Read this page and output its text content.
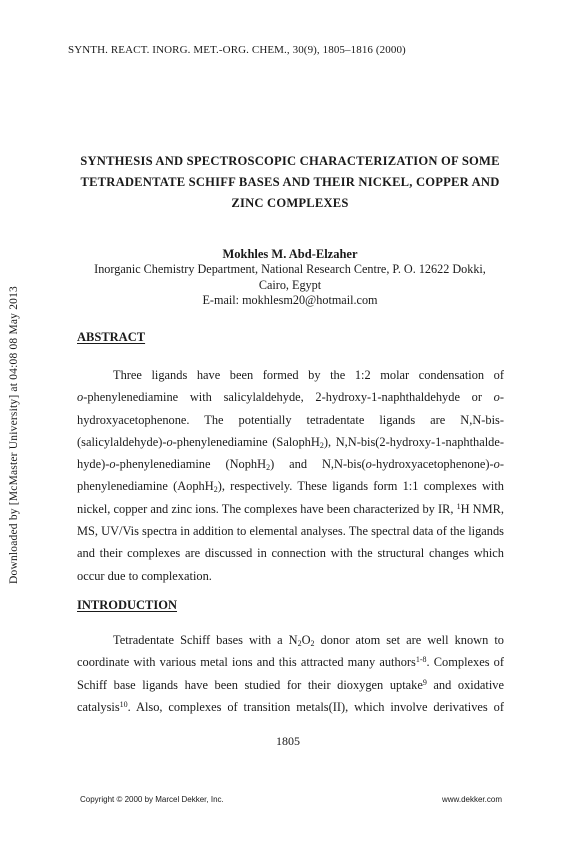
Downloaded by [McMaster University] at 04:08 08 May 2013
SYNTH. REACT. INORG. MET.-ORG. CHEM., 30(9), 1805–1816 (2000)
SYNTHESIS AND SPECTROSCOPIC CHARACTERIZATION OF SOME
TETRADENTATE SCHIFF BASES AND THEIR NICKEL, COPPER AND
ZINC COMPLEXES
Mokhles M. Abd-Elzaher
Inorganic Chemistry Department, National Research Centre, P. O. 12622 Dokki,
Cairo, Egypt
E-mail: mokhlesm20@hotmail.com
ABSTRACT
Three ligands have been formed by the 1:2 molar condensation of
o-phenylenediamine with salicylaldehyde, 2-hydroxy-1-naphthaldehyde or o-
hydroxyacetophenone. The potentially tetradentate ligands are N,N-bis-
(salicylaldehyde)-o-phenylenediamine (SalophH$_2$), N,N-bis(2-hydroxy-1-naphthalde-
hyde)-o-phenylenediamine (NophH$_2$) and N,N-bis(o-hydroxyacetophenone)-o-
phenylenediamine (AophH$_2$), respectively. These ligands form 1:1 complexes with
nickel, copper and zinc ions. The complexes have been characterized by IR, $^1$H NMR,
MS, UV/Vis spectra in addition to elemental analyses. The spectral data of the ligands
and their complexes are discussed in connection with the structural changes which
occur due to complexation.
INTRODUCTION
Tetradentate Schiff bases with a $N_2O_2$ donor atom set are well known to
coordinate with various metal ions and this attracted many authors$^{1-8}$. Complexes of
Schiff base ligands have been studied for their dioxygen uptake$^9$ and oxidative
catalysis$^{10}$. Also, complexes of transition metals(II), which involve derivatives of
1805
Copyright © 2000 by Marcel Dekker, Inc.	www.dekker.com
